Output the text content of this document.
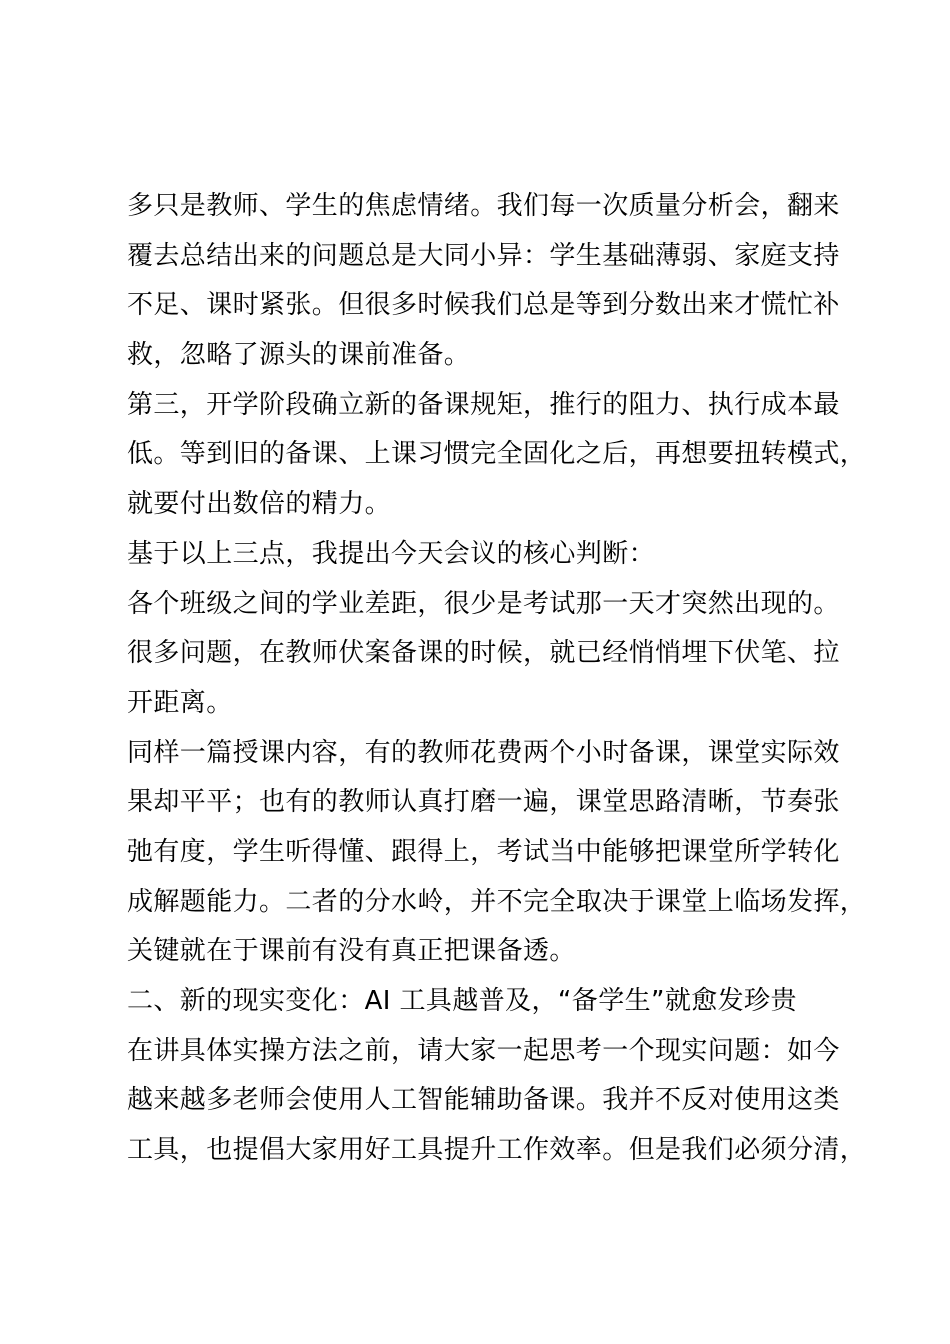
多只是教师、学生的焦虑情绪。我们每一次质量分析会，翻来
覆去总结出来的问题总是大同小异：学生基础薄弱、家庭支持
不足、课时紧张。但很多时候我们总是等到分数出来才慌忙补
救，忽略了源头的课前准备。
第三，开学阶段确立新的备课规矩，推行的阻力、执行成本最
低。等到旧的备课、上课习惯完全固化之后，再想要扭转模式，
就要付出数倍的精力。
基于以上三点，我提出今天会议的核心判断：
各个班级之间的学业差距，很少是考试那一天才突然出现的。
很多问题，在教师伏案备课的时候，就已经悄悄埋下伏笔、拉
开距离。
同样一篇授课内容，有的教师花费两个小时备课，课堂实际效
果却平平；也有的教师认真打磨一遍，课堂思路清晰，节奏张
弛有度，学生听得懂、跟得上，考试当中能够把课堂所学转化
成解题能力。二者的分水岭，并不完全取决于课堂上临场发挥，
关键就在于课前有没有真正把课备透。
二、新的现实变化：AI 工具越普及，“备学生”就愈发珍贵
在讲具体实操方法之前，请大家一起思考一个现实问题：如今
越来越多老师会使用人工智能辅助备课。我并不反对使用这类
工具，也提倡大家用好工具提升工作效率。但是我们必须分清，
